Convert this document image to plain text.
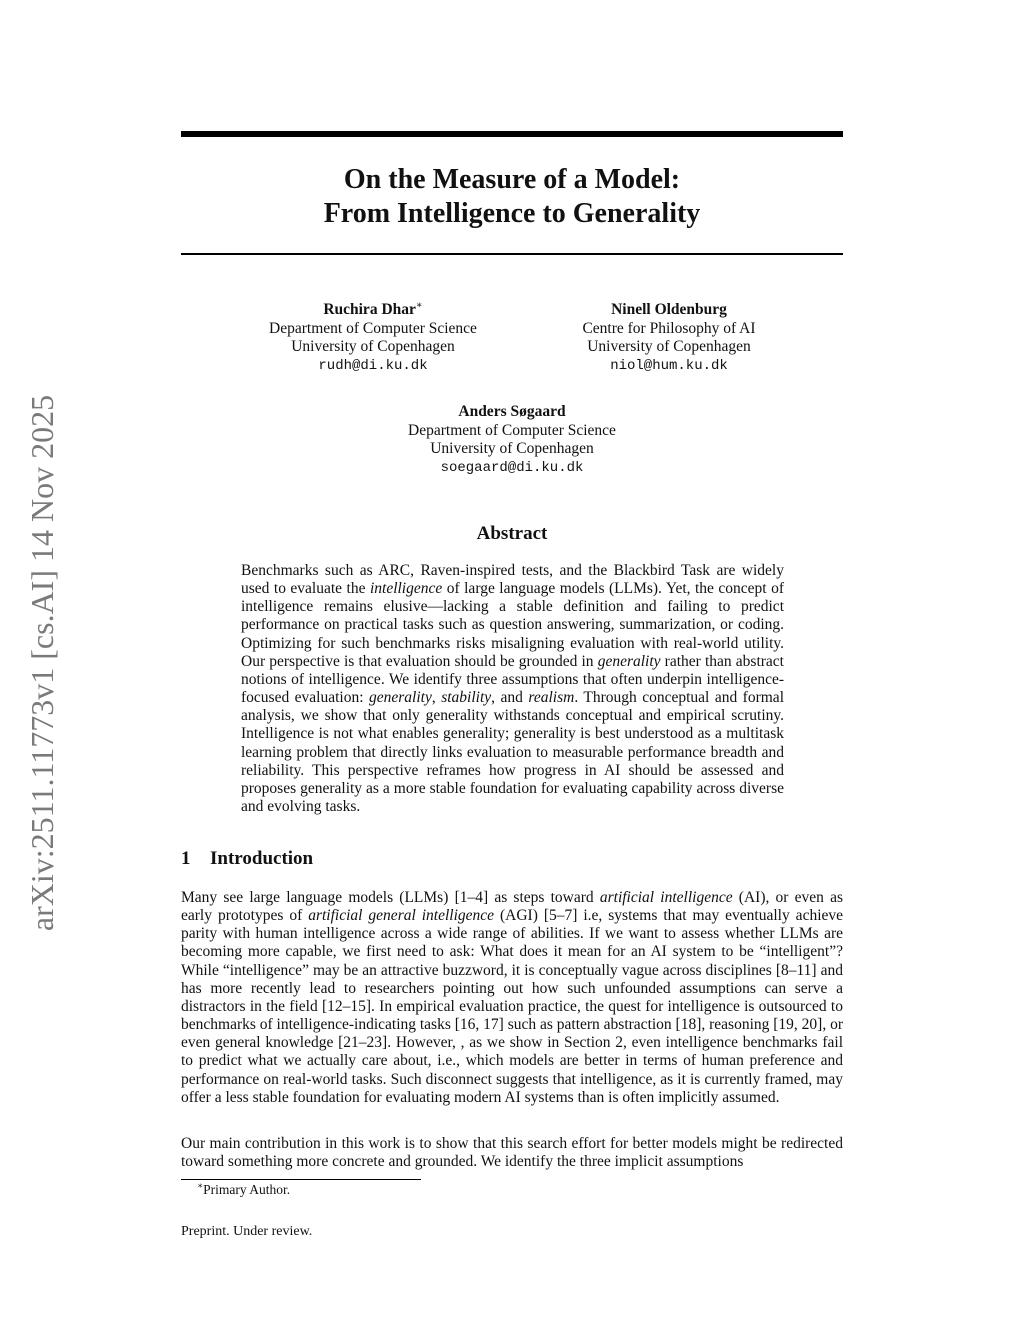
arXiv:2511.11773v1 [cs.AI] 14 Nov 2025
On the Measure of a Model:
From Intelligence to Generality
Ruchira Dhar∗
Department of Computer Science
University of Copenhagen
rudh@di.ku.dk
Ninell Oldenburg
Centre for Philosophy of AI
University of Copenhagen
niol@hum.ku.dk
Anders Søgaard
Department of Computer Science
University of Copenhagen
soegaard@di.ku.dk
Abstract
Benchmarks such as ARC, Raven-inspired tests, and the Blackbird Task are widely used to evaluate the intelligence of large language models (LLMs). Yet, the concept of intelligence remains elusive—lacking a stable definition and failing to predict performance on practical tasks such as question answering, summarization, or coding. Optimizing for such benchmarks risks misaligning evaluation with real-world utility. Our perspective is that evaluation should be grounded in generality rather than abstract notions of intelligence. We identify three assumptions that often underpin intelligence-focused evaluation: generality, stability, and realism. Through conceptual and formal analysis, we show that only generality withstands conceptual and empirical scrutiny. Intelligence is not what enables generality; generality is best understood as a multitask learning problem that directly links evaluation to measurable performance breadth and reliability. This perspective reframes how progress in AI should be assessed and proposes generality as a more stable foundation for evaluating capability across diverse and evolving tasks.
1 Introduction
Many see large language models (LLMs) [1–4] as steps toward artificial intelligence (AI), or even as early prototypes of artificial general intelligence (AGI) [5–7] i.e, systems that may eventually achieve parity with human intelligence across a wide range of abilities. If we want to assess whether LLMs are becoming more capable, we first need to ask: What does it mean for an AI system to be “intelligent”? While “intelligence” may be an attractive buzzword, it is conceptually vague across disciplines [8–11] and has more recently lead to researchers pointing out how such unfounded assumptions can serve a distractors in the field [12–15]. In empirical evaluation practice, the quest for intelligence is outsourced to benchmarks of intelligence-indicating tasks [16, 17] such as pattern abstraction [18], reasoning [19, 20], or even general knowledge [21–23]. However, , as we show in Section 2, even intelligence benchmarks fail to predict what we actually care about, i.e., which models are better in terms of human preference and performance on real-world tasks. Such disconnect suggests that intelligence, as it is currently framed, may offer a less stable foundation for evaluating modern AI systems than is often implicitly assumed.
Our main contribution in this work is to show that this search effort for better models might be redirected toward something more concrete and grounded. We identify the three implicit assumptions
∗Primary Author.
Preprint. Under review.
